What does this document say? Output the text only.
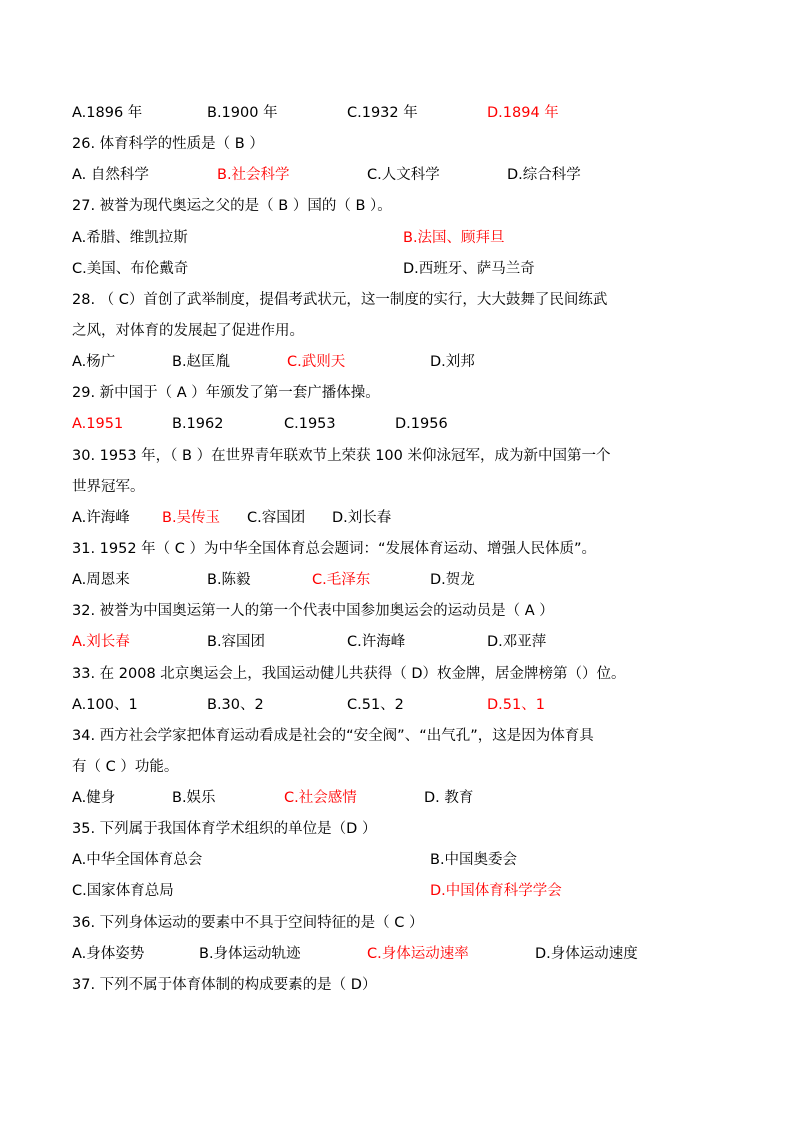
A.1896 年	B.1900 年	C.1932 年	D.1894 年
26. 体育科学的性质是（ B ）
A. 自然科学	B.社会科学	C.人文科学	D.综合科学
27. 被誉为现代奥运之父的是（ B ）国的（ B ）。
A.希腊、维凯拉斯	B.法国、顾拜旦
C.美国、布伦戴奇	D.西班牙、萨马兰奇
28. （ C）首创了武举制度，提倡考武状元，这一制度的实行，大大鼓舞了民间练武
之风，对体育的发展起了促进作用。
A.杨广	B.赵匡胤	C.武则天	D.刘邦
29. 新中国于（ A ）年颁发了第一套广播体操。
A.1951	B.1962	C.1953	D.1956
30. 1953 年，（ B ）在世界青年联欢节上荣获 100 米仰泳冠军，成为新中国第一个
世界冠军。
A.许海峰 B.吴传玉 C.容国团 D.刘长春
31. 1952 年（ C ）为中华全国体育总会题词：“发展体育运动、增强人民体质”。
A.周恩来	B.陈毅	C.毛泽东	D.贺龙
32. 被誉为中国奥运第一人的第一个代表中国参加奥运会的运动员是（ A ）
A.刘长春	B.容国团	C.许海峰	D.邓亚萍
33. 在 2008 北京奥运会上，我国运动健儿共获得（ D）枚金牌，居金牌榜第（）位。
A.100、1	B.30、2	C.51、2	D.51、1
34. 西方社会学家把体育运动看成是社会的“安全阀”、“出气孔”，这是因为体育具
有（ C ）功能。
A.健身	B.娱乐	C.社会感情	D. 教育
35. 下列属于我国体育学术组织的单位是（D ）
A.中华全国体育总会	B.中国奥委会
C.国家体育总局	D.中国体育科学学会
36. 下列身体运动的要素中不具于空间特征的是（ C ）
A.身体姿势	B.身体运动轨迹	C.身体运动速率	D.身体运动速度
37. 下列不属于体育体制的构成要素的是（ D）
